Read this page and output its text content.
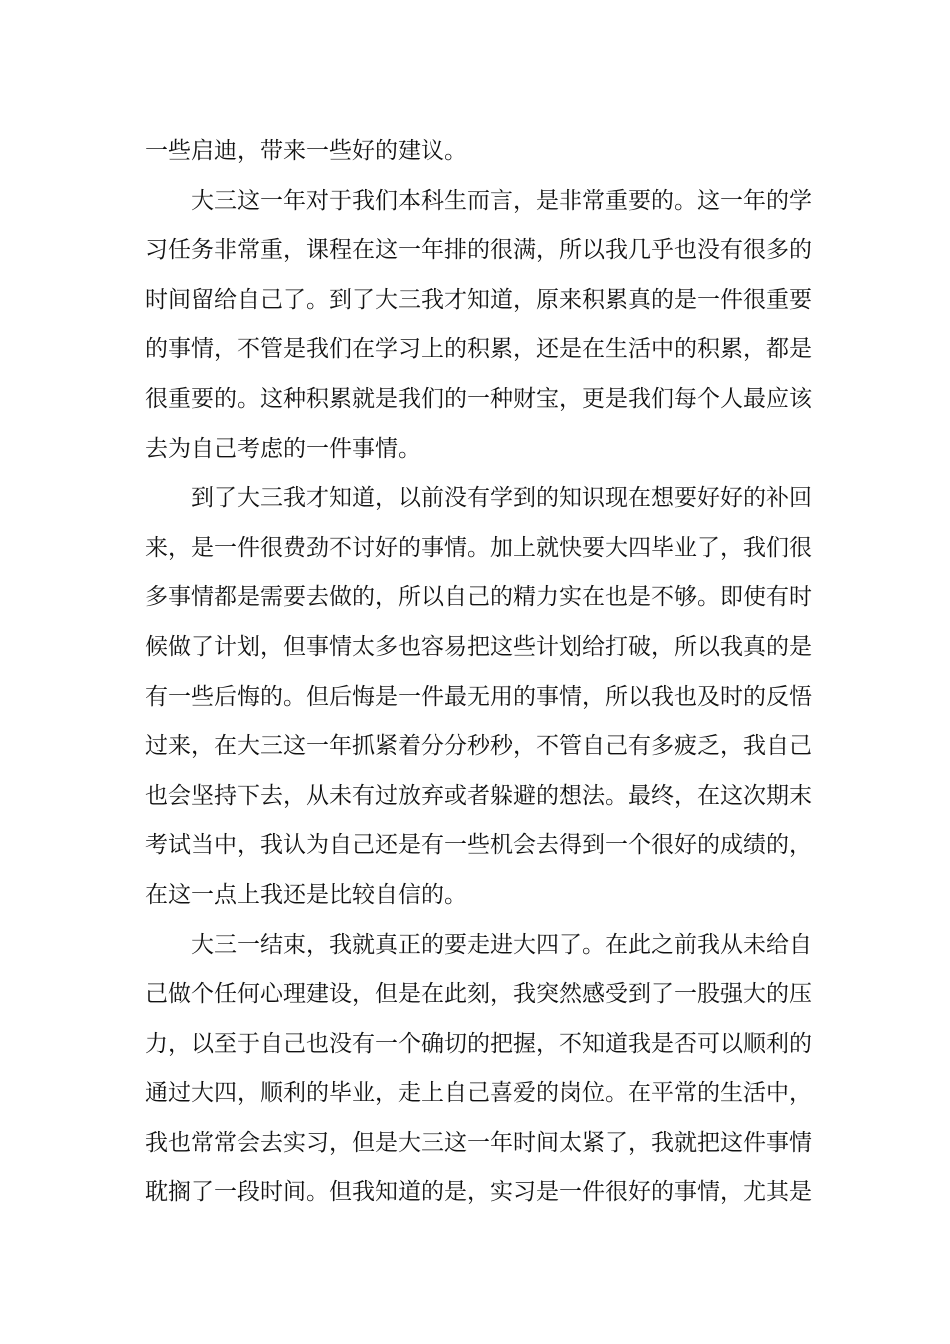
一些启迪，带来一些好的建议。
大三这一年对于我们本科生而言，是非常重要的。这一年的学
习任务非常重，课程在这一年排的很满，所以我几乎也没有很多的
时间留给自己了。到了大三我才知道，原来积累真的是一件很重要
的事情，不管是我们在学习上的积累，还是在生活中的积累，都是
很重要的。这种积累就是我们的一种财宝，更是我们每个人最应该
去为自己考虑的一件事情。
到了大三我才知道，以前没有学到的知识现在想要好好的补回
来，是一件很费劲不讨好的事情。加上就快要大四毕业了，我们很
多事情都是需要去做的，所以自己的精力实在也是不够。即使有时
候做了计划，但事情太多也容易把这些计划给打破，所以我真的是
有一些后悔的。但后悔是一件最无用的事情，所以我也及时的反悟
过来，在大三这一年抓紧着分分秒秒，不管自己有多疲乏，我自己
也会坚持下去，从未有过放弃或者躲避的想法。最终，在这次期末
考试当中，我认为自己还是有一些机会去得到一个很好的成绩的，
在这一点上我还是比较自信的。
大三一结束，我就真正的要走进大四了。在此之前我从未给自
己做个任何心理建设，但是在此刻，我突然感受到了一股强大的压
力，以至于自己也没有一个确切的把握，不知道我是否可以顺利的
通过大四，顺利的毕业，走上自己喜爱的岗位。在平常的生活中，
我也常常会去实习，但是大三这一年时间太紧了，我就把这件事情
耽搁了一段时间。但我知道的是，实习是一件很好的事情，尤其是
